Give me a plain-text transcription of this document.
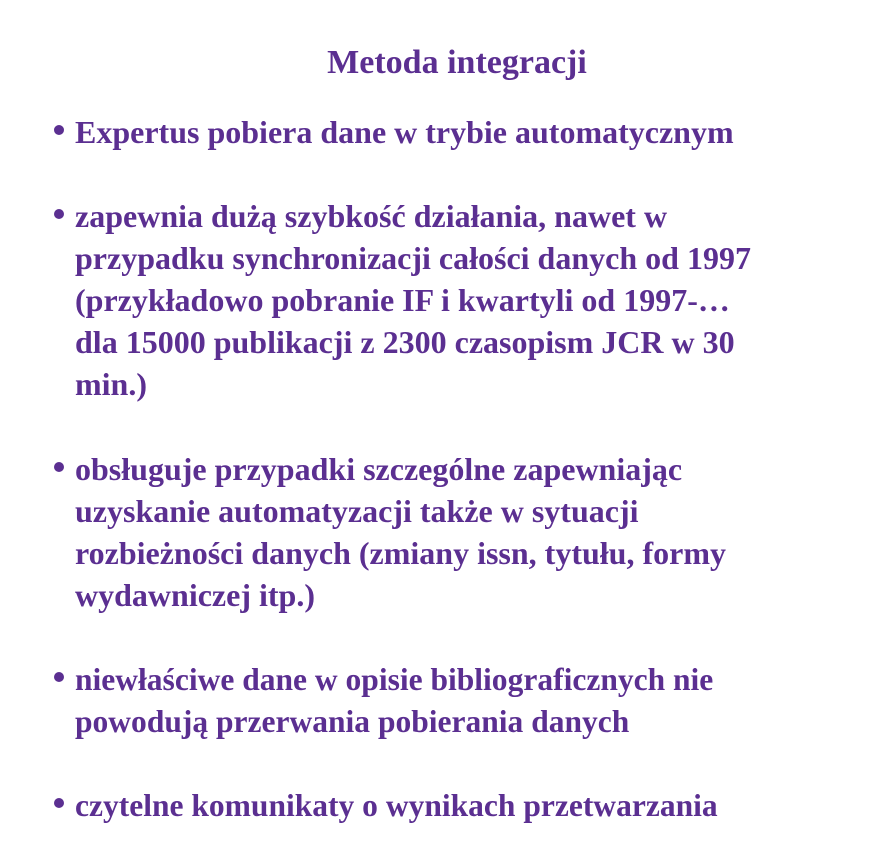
Metoda integracji
Expertus pobiera dane w trybie automatycznym
zapewnia dużą szybkość działania, nawet w
przypadku synchronizacji całości danych od 1997
(przykładowo pobranie IF i kwartyli od 1997-…
dla 15000 publikacji z 2300 czasopism JCR w 30
min.)
obsługuje przypadki szczególne zapewniając
uzyskanie automatyzacji także w sytuacji
rozbieżności danych (zmiany issn, tytułu, formy
wydawniczej itp.)
niewłaściwe dane w opisie bibliograficznych nie
powodują przerwania pobierania danych
czytelne komunikaty o wynikach przetwarzania
